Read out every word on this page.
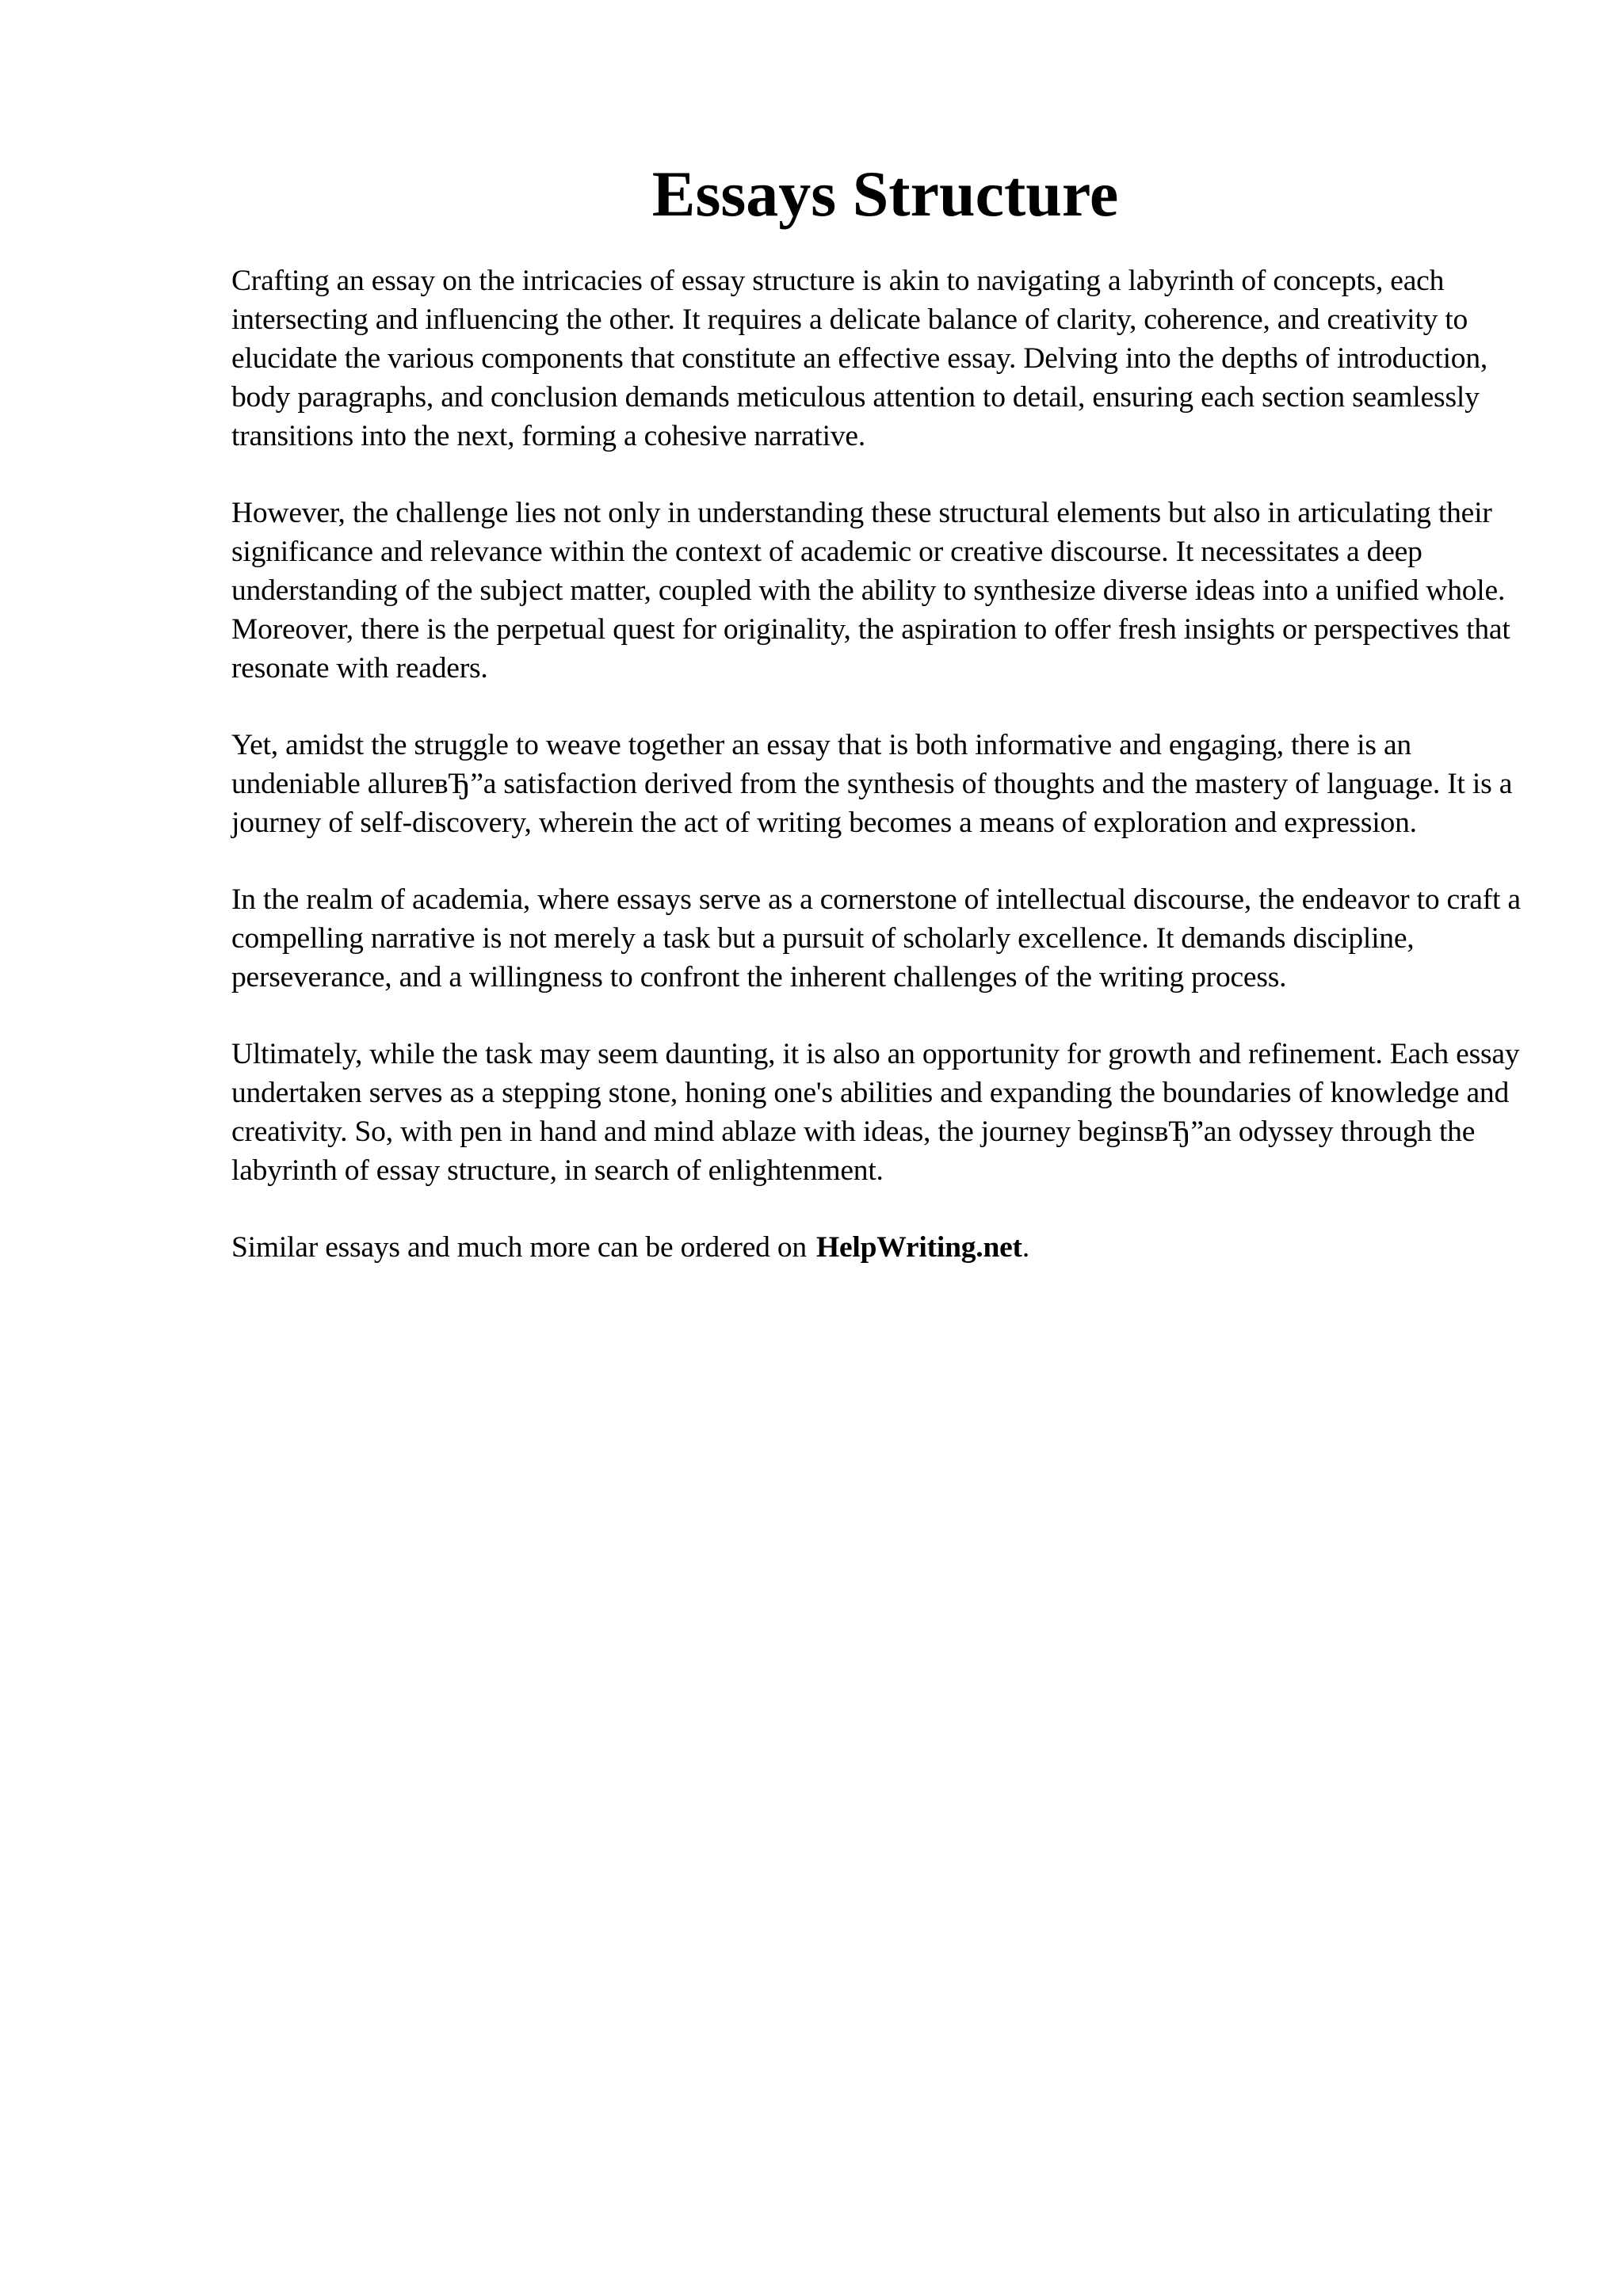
Essays Structure

Crafting an essay on the intricacies of essay structure is akin to navigating a labyrinth of concepts, each intersecting and influencing the other. It requires a delicate balance of clarity, coherence, and creativity to elucidate the various components that constitute an effective essay. Delving into the depths of introduction, body paragraphs, and conclusion demands meticulous attention to detail, ensuring each section seamlessly transitions into the next, forming a cohesive narrative.

However, the challenge lies not only in understanding these structural elements but also in articulating their significance and relevance within the context of academic or creative discourse. It necessitates a deep understanding of the subject matter, coupled with the ability to synthesize diverse ideas into a unified whole. Moreover, there is the perpetual quest for originality, the aspiration to offer fresh insights or perspectives that resonate with readers.

Yet, amidst the struggle to weave together an essay that is both informative and engaging, there is an undeniable allureвЂ”a satisfaction derived from the synthesis of thoughts and the mastery of language. It is a journey of self-discovery, wherein the act of writing becomes a means of exploration and expression.

In the realm of academia, where essays serve as a cornerstone of intellectual discourse, the endeavor to craft a compelling narrative is not merely a task but a pursuit of scholarly excellence. It demands discipline, perseverance, and a willingness to confront the inherent challenges of the writing process.

Ultimately, while the task may seem daunting, it is also an opportunity for growth and refinement. Each essay undertaken serves as a stepping stone, honing one's abilities and expanding the boundaries of knowledge and creativity. So, with pen in hand and mind ablaze with ideas, the journey beginsвЂ”an odyssey through the labyrinth of essay structure, in search of enlightenment.

Similar essays and much more can be ordered on HelpWriting.net.
